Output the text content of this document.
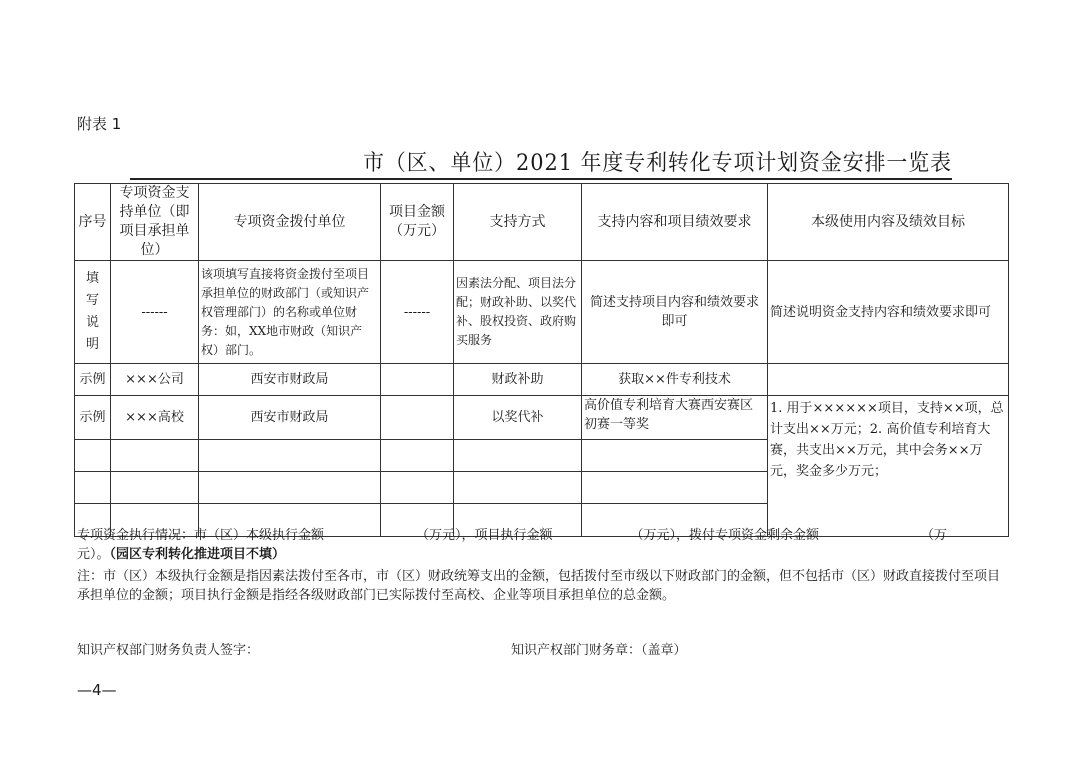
附表 1
市（区、单位）2021 年度专利转化专项计划资金安排一览表
序号	专项资金支持单位（即项目承担单位）	专项资金拨付单位	项目金额（万元）	支持方式	支持内容和项目绩效要求	本级使用内容及绩效目标
填写说明	------	该项填写直接将资金拨付至项目承担单位的财政部门（或知识产权管理部门）的名称或单位财务：如，XX地市财政（知识产权）部门。	------	因素法分配、项目法分配；财政补助、以奖代补、股权投资、政府购买服务	简述支持项目内容和绩效要求即可	简述说明资金支持内容和绩效要求即可
示例	×××公司	西安市财政局		财政补助	获取××件专利技术	
示例	×××高校	西安市财政局		以奖代补	高价值专利培育大赛西安赛区初赛一等奖	1. 用于××××××项目，支持××项，总计支出××万元；2. 高价值专利培育大赛，共支出××万元，其中会务××万元，奖金多少万元；

专项资金执行情况：市（区）本级执行金额	（万元），项目执行金额	（万元），拨付专项资金剩余金额	（万
元）。（园区专利转化推进项目不填）
注：市（区）本级执行金额是指因素法拨付至各市，市（区）财政统筹支出的金额，包括拨付至市级以下财政部门的金额，但不包括市（区）财政直接拨付至项目承担单位的金额；项目执行金额是指经各级财政部门已实际拨付至高校、企业等项目承担单位的总金额。
知识产权部门财务负责人签字：	知识产权部门财务章：（盖章）
—4—
